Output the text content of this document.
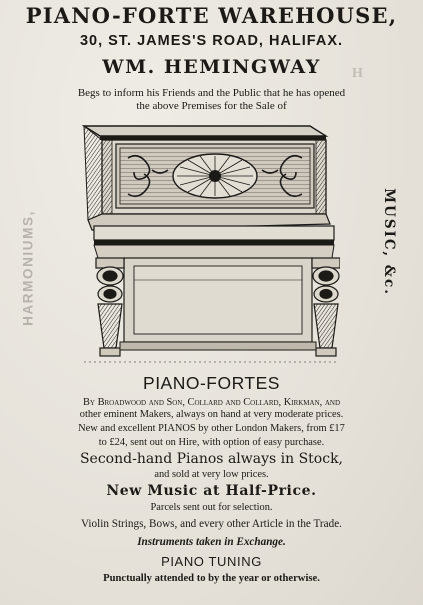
PIANO-FORTE WAREHOUSE,
30, ST. JAMES'S ROAD, HALIFAX.
WM. HEMINGWAY
Begs to inform his Friends and the Public that he has opened
the above Premises for the Sale of
H
HARMONIUMS,	MUSIC, &c.
PIANO-FORTES
By Broadwood and Son, Collard and Collard, Kirkman, and
other eminent Makers, always on hand at very moderate prices.
New and excellent PIANOS by other London Makers, from £17
to £24, sent out on Hire, with option of easy purchase.
Second-hand Pianos always in Stock,
and sold at very low prices.
New Music at Half-Price.
Parcels sent out for selection.
Violin Strings, Bows, and every other Article in the Trade.
Instruments taken in Exchange.
PIANO TUNING
Punctually attended to by the year or otherwise.
